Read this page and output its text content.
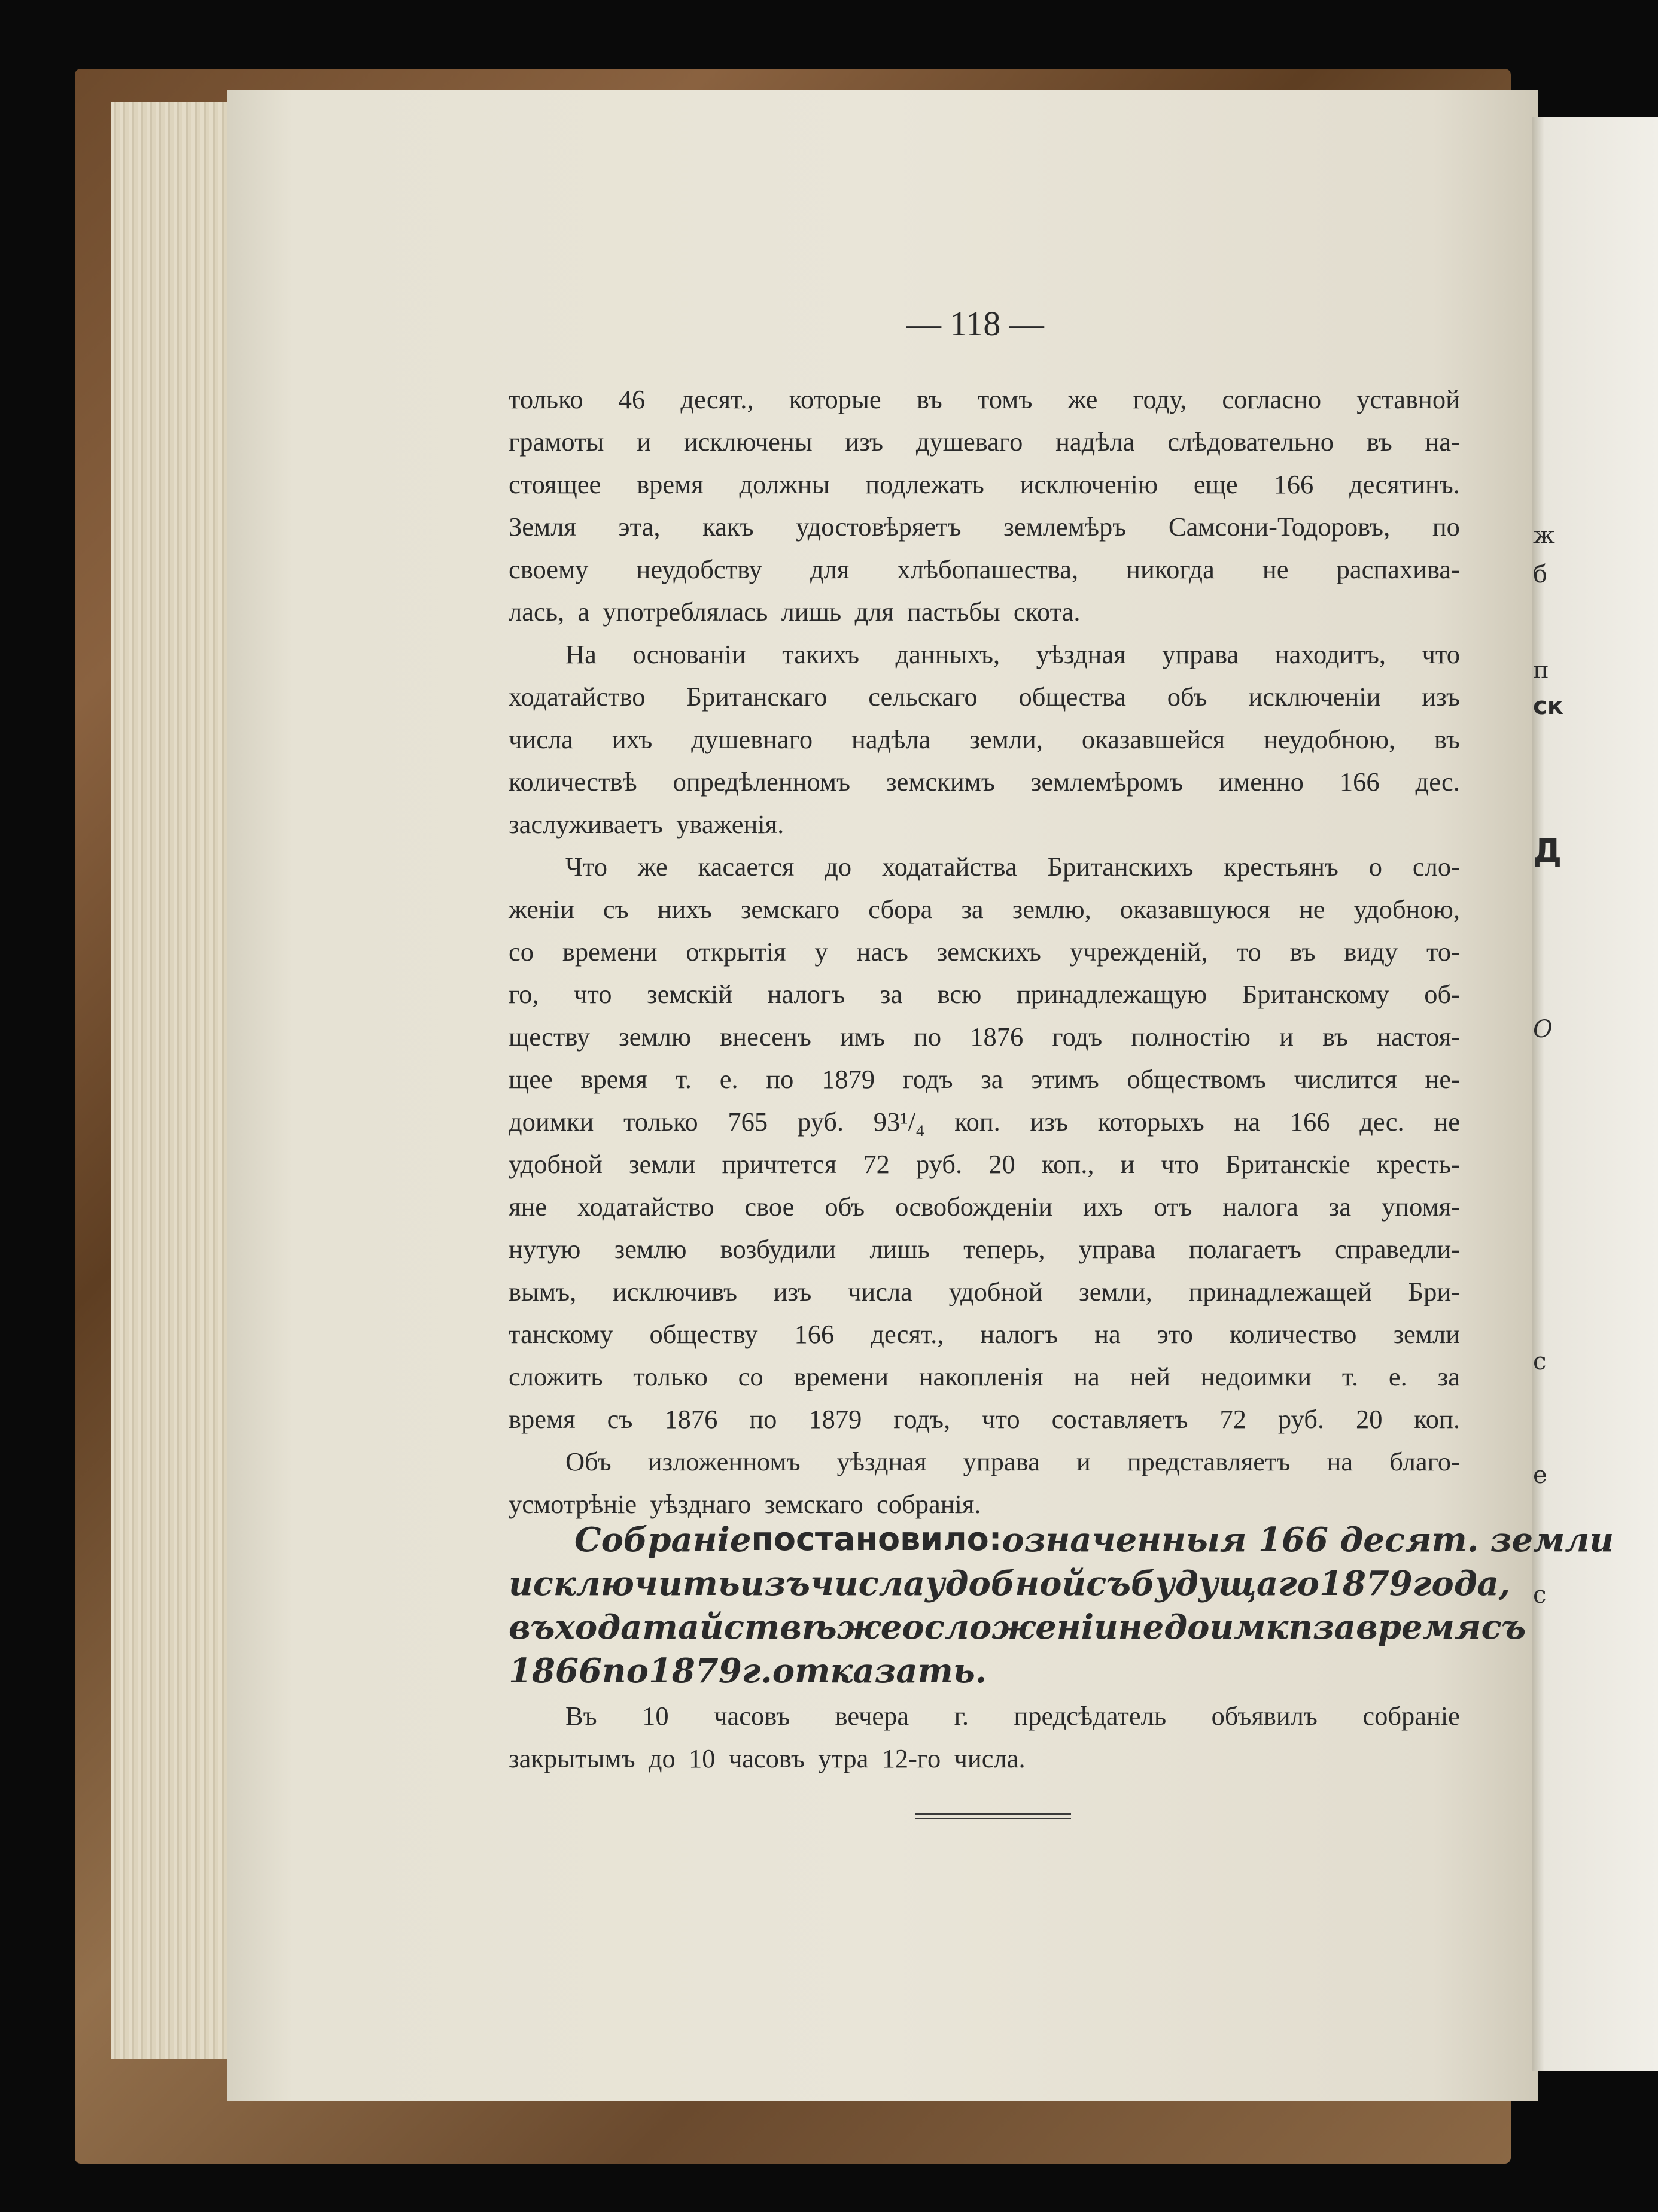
ж
б
п
ск
Д
О
с
е
с
— 118 —
только 46 десят., которые въ томъ же году, согласно уставной
грамоты и исключены изъ душеваго надѣла слѣдовательно въ на-
стоящее время должны подлежать исключенію еще 166 десятинъ.
Земля эта, какъ удостовѣряетъ землемѣръ Самсони-Тодоровъ, по
своему неудобству для хлѣбопашества, никогда не распахива-
лась, а употреблялась лишь для пастьбы скота.
На основаніи такихъ данныхъ, уѣздная управа находитъ, что
ходатайство Британскаго сельскаго общества объ исключеніи изъ
числа ихъ душевнаго надѣла земли, оказавшейся неудобною, въ
количествѣ опредѣленномъ земскимъ землемѣромъ именно 166 дес.
заслуживаетъ уваженія.
Что же касается до ходатайства Британскихъ крестьянъ о сло-
женіи съ нихъ земскаго сбора за землю, оказавшуюся не удобною,
со времени открытія у насъ земскихъ учрежденій, то въ виду то-
го, что земскій налогъ за всю принадлежащую Британскому об-
ществу землю внесенъ имъ по 1876 годъ полностію и въ настоя-
щее время т. е. по 1879 годъ за этимъ обществомъ числится не-
доимки только 765 руб. 93¹/₄ коп. изъ которыхъ на 166 дес. не
удобной земли причтется 72 руб. 20 коп., и что Британскіе кресть-
яне ходатайство свое объ освобожденіи ихъ отъ налога за упомя-
нутую землю возбудили лишь теперь, управа полагаетъ справедли-
вымъ, исключивъ изъ числа удобной земли, принадлежащей Бри-
танскому обществу 166 десят., налогъ на это количество земли
сложить только со времени накопленія на ней недоимки т. е. за
время съ 1876 по 1879 годъ, что составляетъ 72 руб. 20 коп.
Объ изложенномъ уѣздная управа и представляетъ на благо-
усмотрѣніе уѣзднаго земскаго собранія.
Собраніе постановило: означенныя 166 десят. земли
исключить изъ числа удобной съ будущаго 1879 года,
въ ходатайствѣ же о сложеніи недоимкп за время съ
1866 по 1879 г. отказать.
Въ 10 часовъ вечера г. предсѣдатель объявилъ собраніе
закрытымъ до 10 часовъ утра 12-го числа.
